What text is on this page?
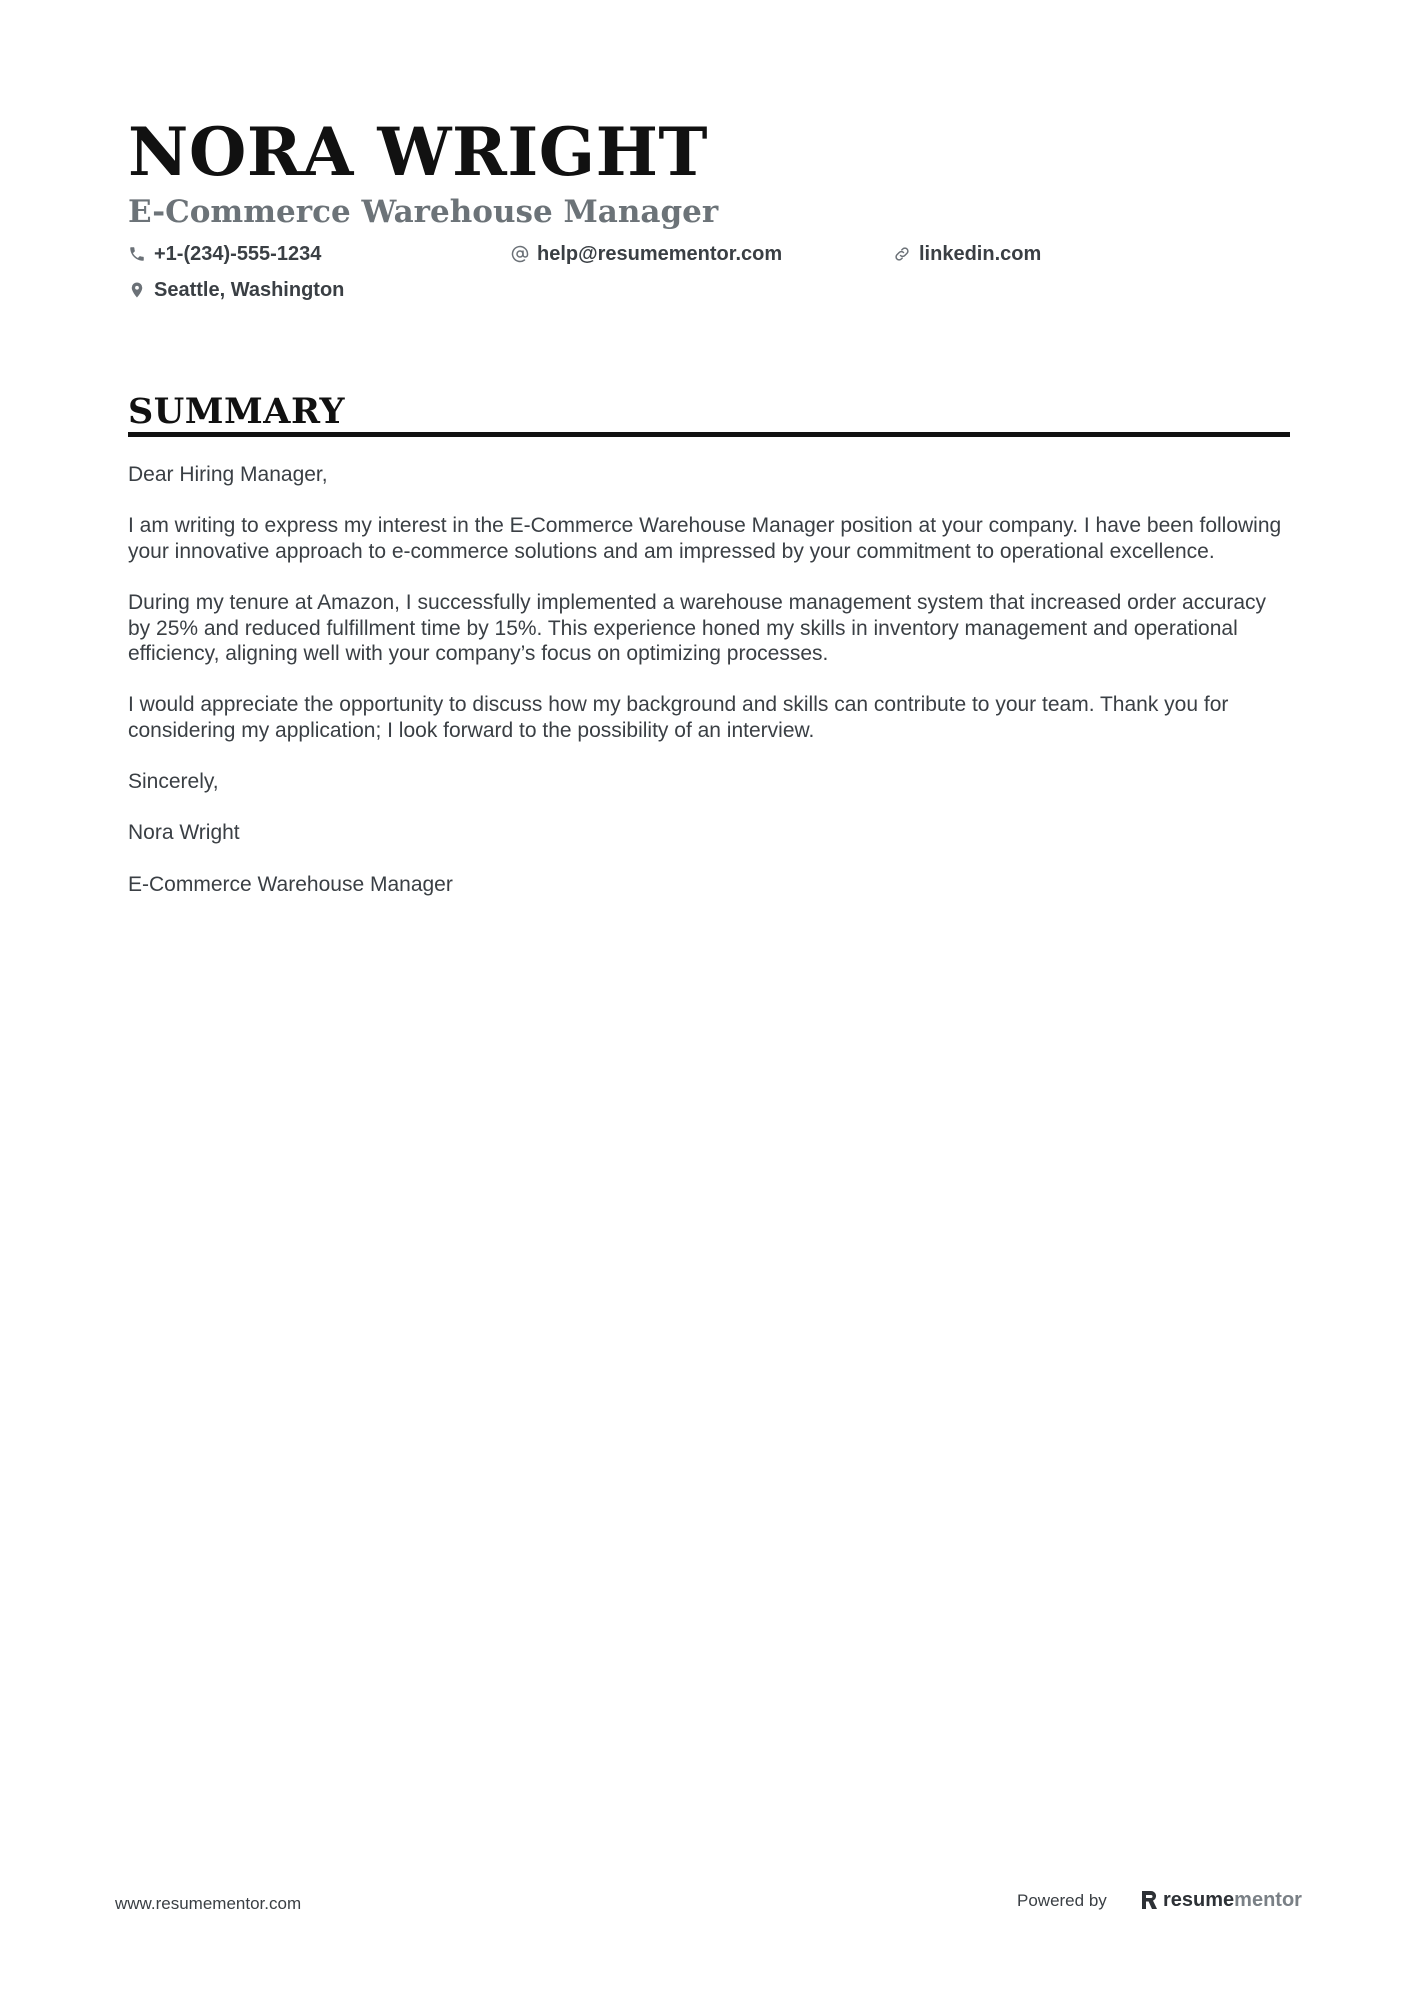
NORA WRIGHT
E-Commerce Warehouse Manager
+1-(234)-555-1234	help@resumementor.com	linkedin.com
Seattle, Washington
SUMMARY

Dear Hiring Manager,

I am writing to express my interest in the E-Commerce Warehouse Manager position at your company. I have been following your innovative approach to e-commerce solutions and am impressed by your commitment to operational excellence.

During my tenure at Amazon, I successfully implemented a warehouse management system that increased order accuracy by 25% and reduced fulfillment time by 15%. This experience honed my skills in inventory management and operational efficiency, aligning well with your company’s focus on optimizing processes.

I would appreciate the opportunity to discuss how my background and skills can contribute to your team. Thank you for considering my application; I look forward to the possibility of an interview.

Sincerely,

Nora Wright

E-Commerce Warehouse Manager

www.resumementor.com	Powered by	resume mentor
